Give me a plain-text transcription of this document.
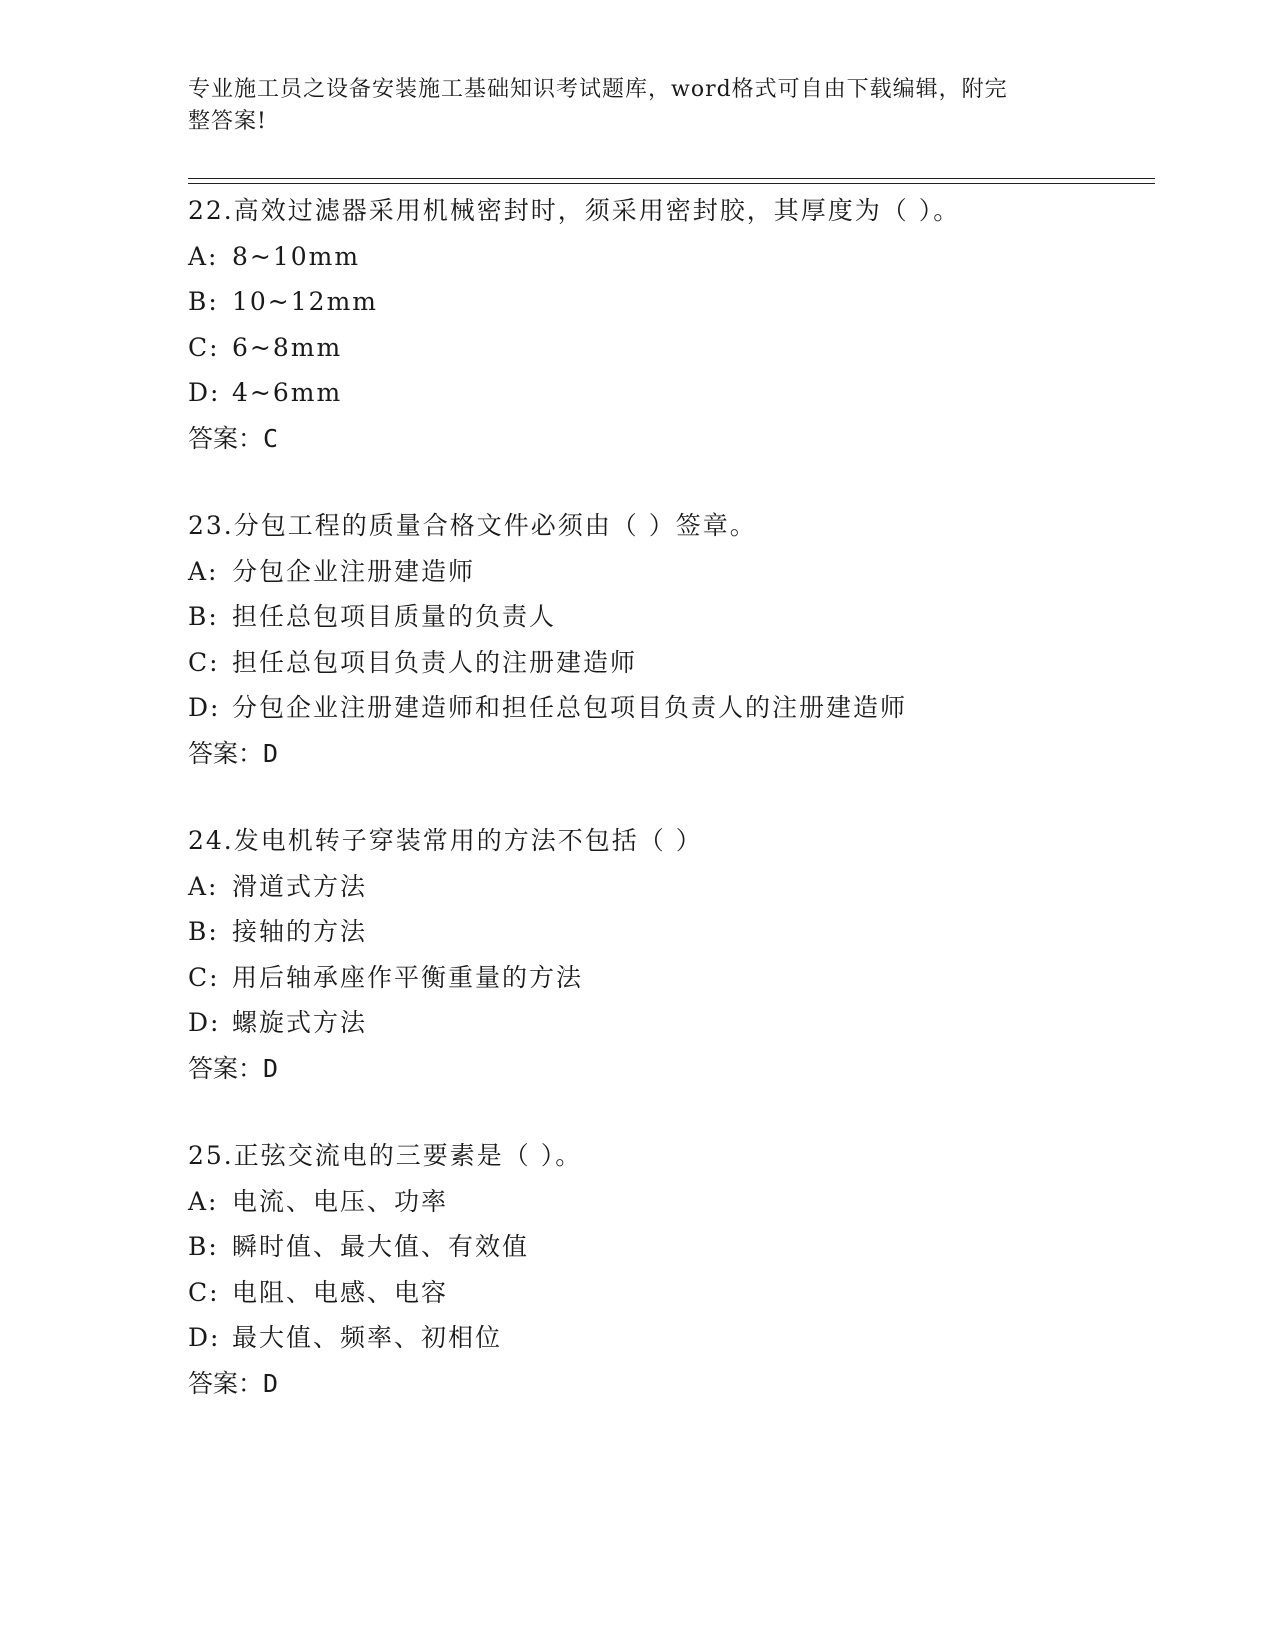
专业施工员之设备安装施工基础知识考试题库，word格式可自由下载编辑，附完
整答案!
22.高效过滤器采用机械密封时，须采用密封胶，其厚度为（ ）。
A: 8~10mm
B: 10~12mm
C: 6~8mm
D: 4~6mm
答案：C
23.分包工程的质量合格文件必须由（ ）签章。
A: 分包企业注册建造师
B: 担任总包项目质量的负责人
C: 担任总包项目负责人的注册建造师
D: 分包企业注册建造师和担任总包项目负责人的注册建造师
答案：D
24.发电机转子穿装常用的方法不包括（ ）
A: 滑道式方法
B: 接轴的方法
C: 用后轴承座作平衡重量的方法
D: 螺旋式方法
答案：D
25.正弦交流电的三要素是（ ）。
A: 电流、电压、功率
B: 瞬时值、最大值、有效值
C: 电阻、电感、电容
D: 最大值、频率、初相位
答案：D
